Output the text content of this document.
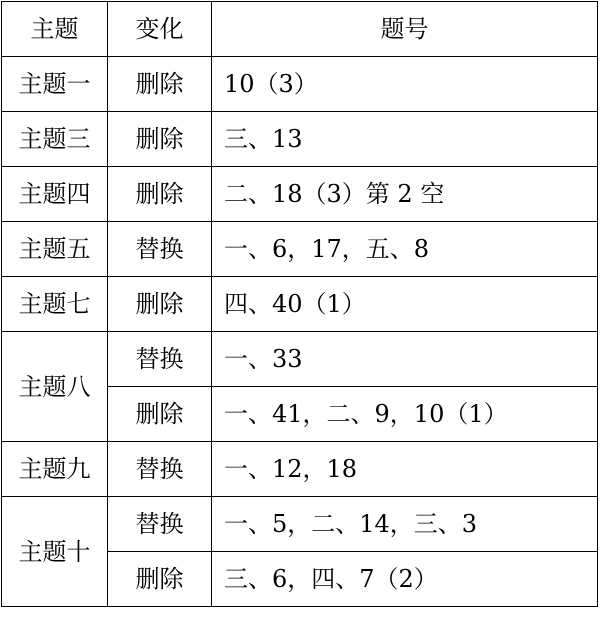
主题	变化	题号
主题一	删除	10（3）
主题三	删除	三、13
主题四	删除	二、18（3）第 2 空
主题五	替换	一、6，17，五、8
主题七	删除	四、40（1）
主题八	替换	一、33
	删除	一、41，二、9，10（1）
主题九	替换	一、12，18
主题十	替换	一、5，二、14，三、3
	删除	三、6，四、7（2）
